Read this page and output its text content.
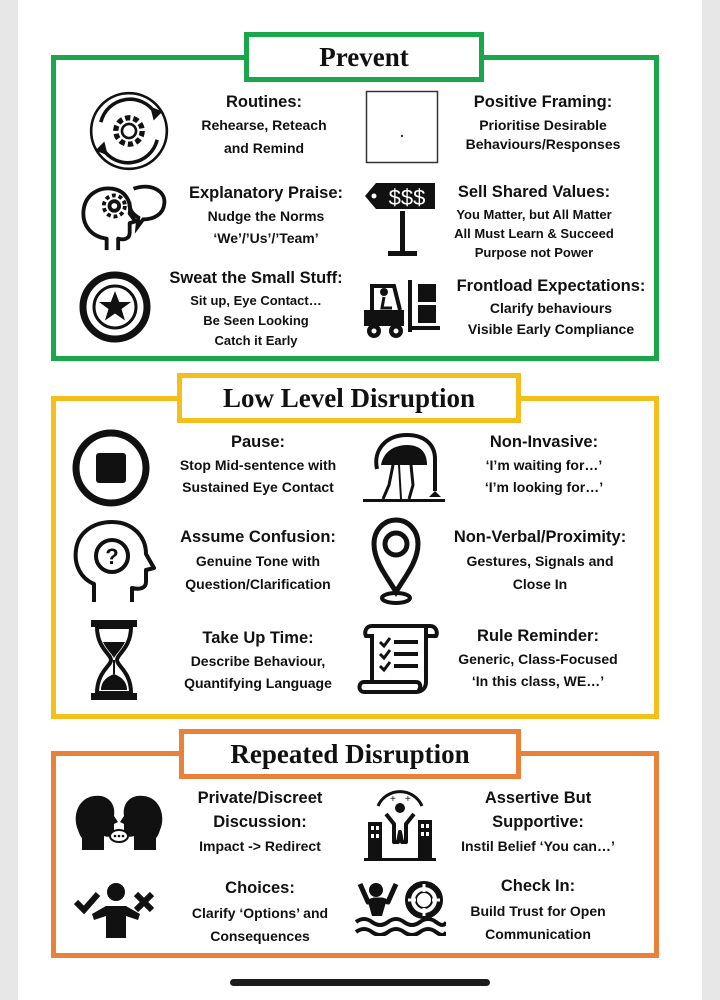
Prevent
Routines:
Rehearse, Reteach
and Remind
Positive Framing:
Prioritise Desirable
Behaviours/Responses
Explanatory Praise:
Nudge the Norms
‘We’/’Us’/’Team’
$$$	Sell Shared Values:
You Matter, but All Matter
All Must Learn & Succeed
Purpose not Power
Sweat the Small Stuff:
Sit up, Eye Contact…
Be Seen Looking
Catch it Early
Frontload Expectations:
Clarify behaviours
Visible Early Compliance
Low Level Disruption
Pause:
Stop Mid-sentence with
Sustained Eye Contact
Non-Invasive:
‘I’m waiting for…’
‘I’m looking for…’
?
Assume Confusion:
Genuine Tone with
Question/Clarification
Non-Verbal/Proximity:
Gestures, Signals and
Close In
Take Up Time:
Describe Behaviour,
Quantifying Language
Rule Reminder:
Generic, Class-Focused
‘In this class, WE…’
Repeated Disruption
Private/Discreet
Discussion:
Impact -> Redirect
+ +	Assertive But
Supportive:
Instil Belief ‘You can…’
Choices:
Clarify ‘Options’ and
Consequences
Check In:
Build Trust for Open
Communication
